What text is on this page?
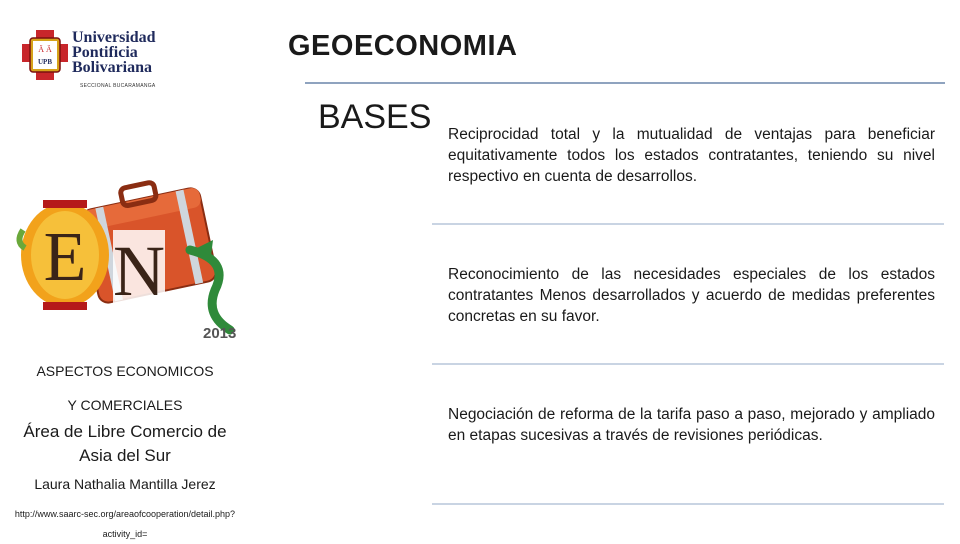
Ä Ä
UPB
Universidad
Pontificia
Bolivariana
SECCIONAL BUCARAMANGA
GEOECONOMIA
BASES Reciprocidad total y la mutualidad de ventajas para beneficiar equitativamente todos los estados contratantes, teniendo su nivel respectivo en cuenta de desarrollos.
Reconocimiento de las necesidades especiales de los estados contratantes Menos desarrollados y acuerdo de medidas preferentes concretas en su favor.
Negociación de reforma de la tarifa paso a paso, mejorado y ampliado en etapas sucesivas a través de revisiones periódicas.
N
E
2013
ASPECTOS ECONOMICOS
Y COMERCIALES
Área de Libre Comercio de Asia del Sur
Laura Nathalia Mantilla Jerez
http://www.saarc-sec.org/areaofcooperation/detail.php?activity_id=
